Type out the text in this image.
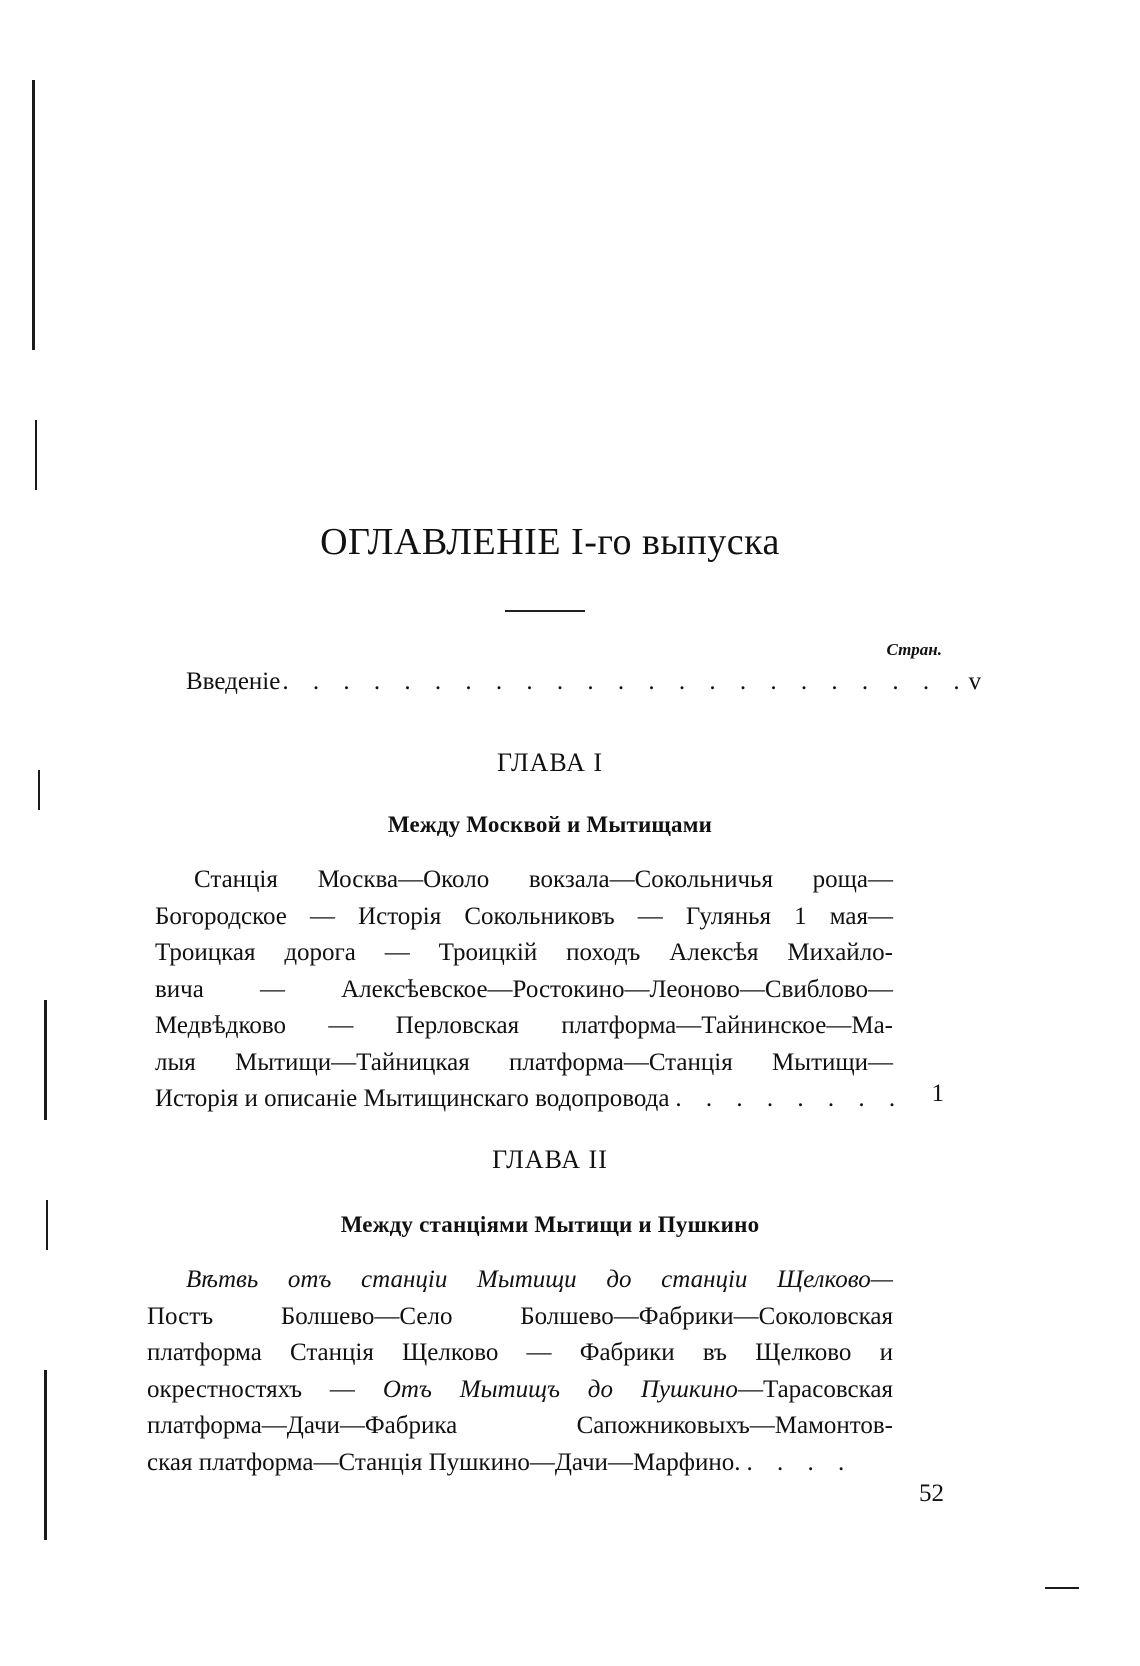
ОГЛАВЛЕНIЕ I-го выпуска
Стран.
Введенiе . . . . . . . . . . . . . . . . . . . . . . . v
ГЛАВА I
Между Москвой и Мытищами
Станцiя Москва—Около вокзала—Сокольничья роща—
Богородское — Исторiя Сокольниковъ — Гулянья 1 мая—
Троицкая дорога — Троицкiй походъ Алексѣя Михайло-
вича — Алексѣевское—Ростокино—Леоново—Свиблово—
Медвѣдково — Перловская платформа—Тайнинское—Ма-
лыя Мытищи—Тайницкая платформа—Станцiя Мытищи—
Исторiя и описанiе Мытищинскаго водопровода . . . . . . . . 1
ГЛАВА II
Между станцiями Мытищи и Пушкино
Вѣтвь отъ станцiи Мытищи до станцiи Щелково—
Постъ Болшево—Село Болшево—Фабрики—Соколовская
платформа Станцiя Щелково — Фабрики въ Щелково и
окрестностяхъ — Отъ Мытищъ до Пушкино—Тарасовская
платформа—Дачи—Фабрика Сапожниковыхъ—Мамонтов-
ская платформа—Станцiя Пушкино—Дачи—Марфино. . . . .
52
